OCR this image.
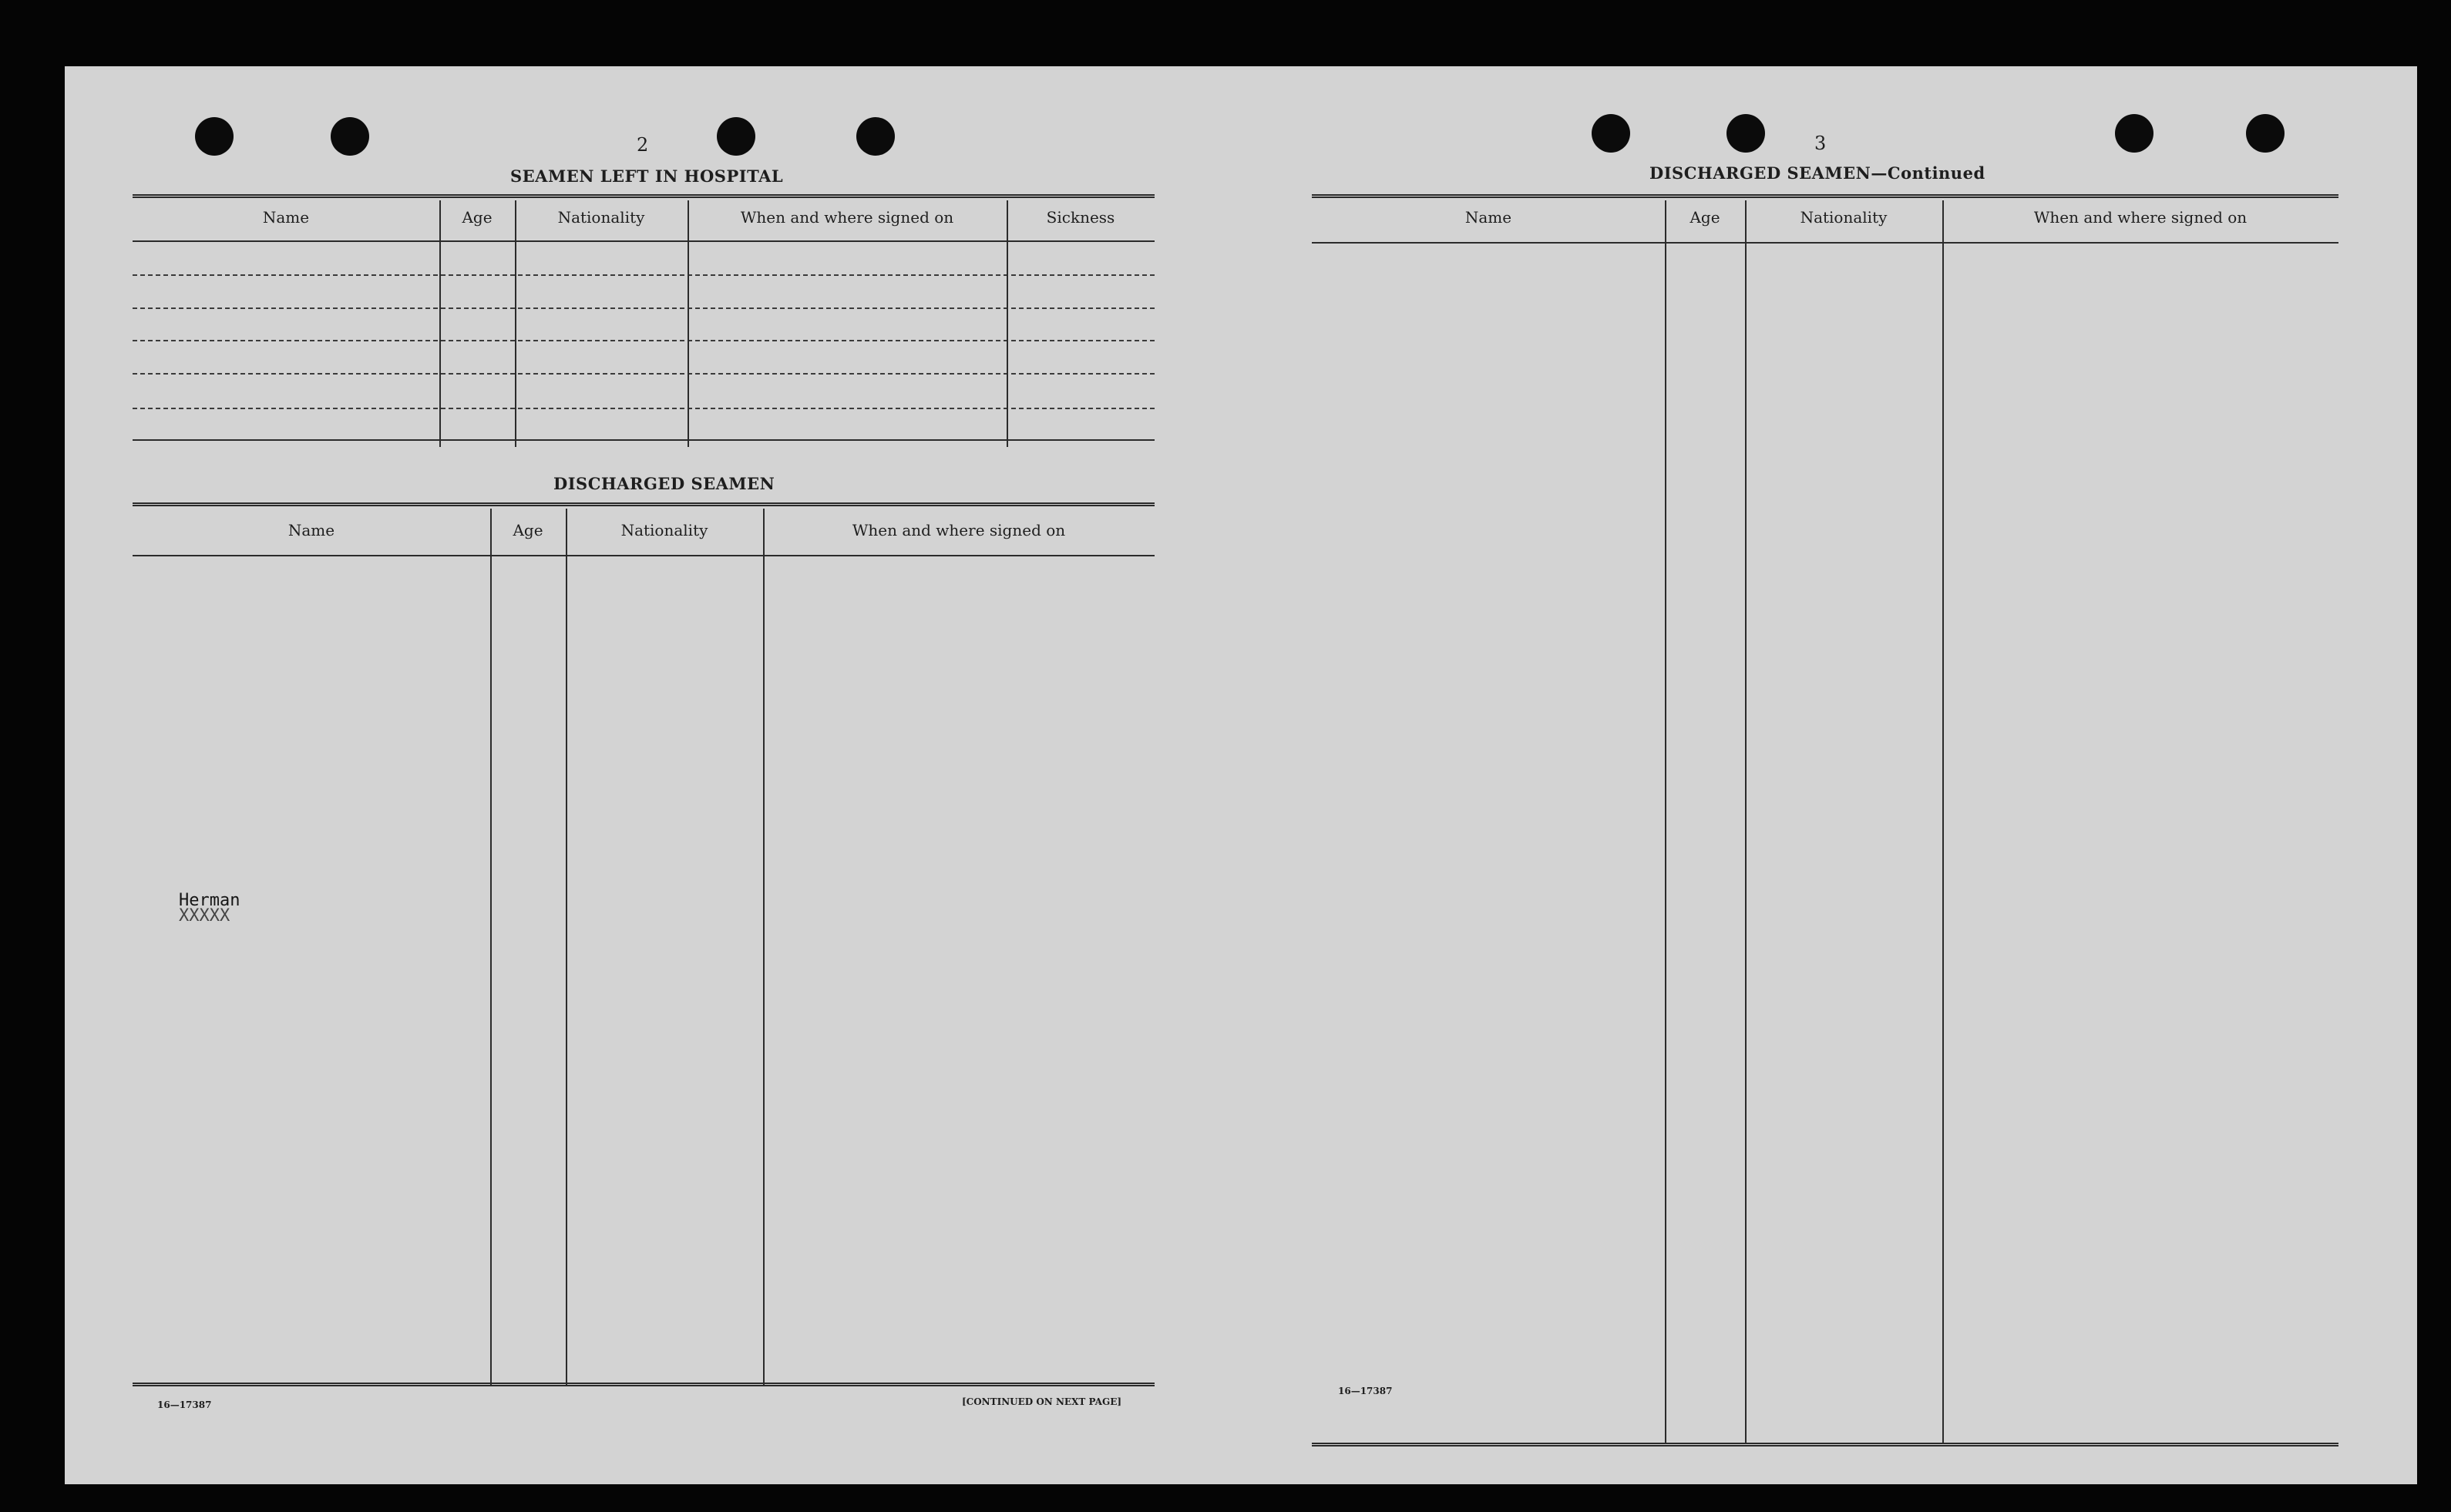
2
SEAMEN LEFT IN HOSPITAL
Name	Age	Nationality	When and where signed on	Sickness
DISCHARGED SEAMEN
Name	Age	Nationality	When and where signed on
Herman
XXXXX
16—17387	[CONTINUED ON NEXT PAGE]
3
DISCHARGED SEAMEN—Continued
Name	Age	Nationality	When and where signed on
16—17387
